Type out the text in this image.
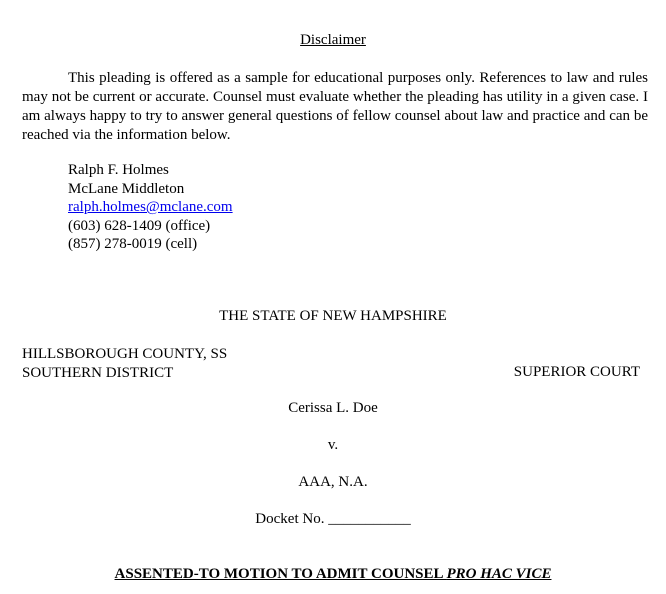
Disclaimer
This pleading is offered as a sample for educational purposes only. References to law and rules may not be current or accurate. Counsel must evaluate whether the pleading has utility in a given case. I am always happy to try to answer general questions of fellow counsel about law and practice and can be reached via the information below.
Ralph F. Holmes
McLane Middleton
ralph.holmes@mclane.com
(603) 628-1409 (office)
(857) 278-0019 (cell)
THE STATE OF NEW HAMPSHIRE
HILLSBOROUGH COUNTY, SS
SOUTHERN DISTRICT	SUPERIOR COURT
Cerissa L. Doe
v.
AAA, N.A.
Docket No. ___________
ASSENTED-TO MOTION TO ADMIT COUNSEL PRO HAC VICE
